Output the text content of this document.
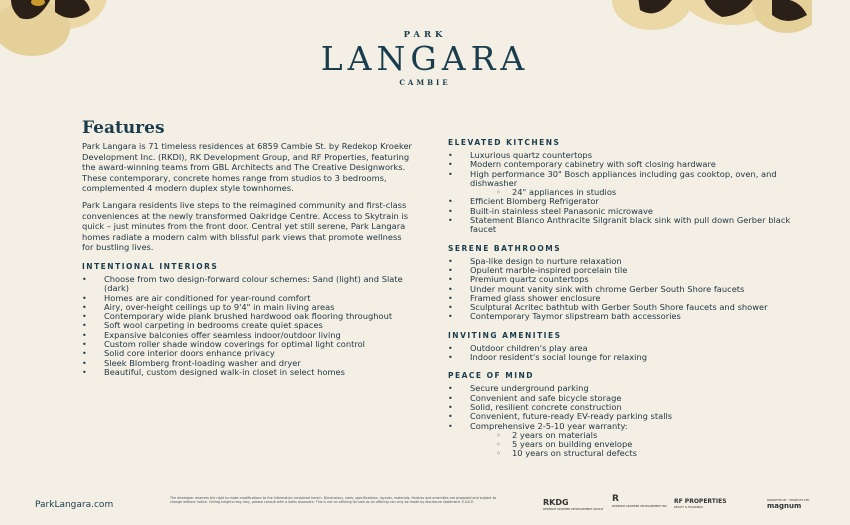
PARK
LANGARA
CAMBIE
Features

Park Langara is 71 timeless residences at 6859 Cambie St. by Redekop Kroeker Development Inc. (RKDI), RK Development Group, and RF Properties, featuring the award-winning teams from GBL Architects and The Creative Designworks. These contemporary, concrete homes range from studios to 3 bedrooms, complemented 4 modern duplex style townhomes.

Park Langara residents live steps to the reimagined community and first-class conveniences at the newly transformed Oakridge Centre. Access to Skytrain is quick – just minutes from the front door. Central yet still serene, Park Langara homes radiate a modern calm with blissful park views that promote wellness for bustling lives.

INTENTIONAL INTERIORS
• Choose from two design-forward colour schemes: Sand (light) and Slate (dark)
• Homes are air conditioned for year-round comfort
• Airy, over-height ceilings up to 9'4" in main living areas
• Contemporary wide plank brushed hardwood oak flooring throughout
• Soft wool carpeting in bedrooms create quiet spaces
• Expansive balconies offer seamless indoor/outdoor living
• Custom roller shade window coverings for optimal light control
• Solid core interior doors enhance privacy
• Sleek Blomberg front-loading washer and dryer
• Beautiful, custom designed walk-in closet in select homes
ELEVATED KITCHENS
• Luxurious quartz countertops
• Modern contemporary cabinetry with soft closing hardware
• High performance 30" Bosch appliances including gas cooktop, oven, and dishwasher
◦ 24" appliances in studios
• Efficient Blomberg Refrigerator
• Built-in stainless steel Panasonic microwave
• Statement Blanco Anthracite Silgranit black sink with pull down Gerber black faucet
SERENE BATHROOMS
• Spa-like design to nurture relaxation
• Opulent marble-inspired porcelain tile
• Premium quartz countertops
• Under mount vanity sink with chrome Gerber South Shore faucets
• Framed glass shower enclosure
• Sculptural Acritec bathtub with Gerber South Shore faucets and shower
• Contemporary Taymor slipstream bath accessories
INVITING AMENITIES
• Outdoor children's play area
• Indoor resident's social lounge for relaxing
PEACE OF MIND
• Secure underground parking
• Convenient and safe bicycle storage
• Solid, resilient concrete construction
• Convenient, future-ready EV-ready parking stalls
• Comprehensive 2-5-10 year warranty:
◦ 2 years on materials
◦ 5 years on building envelope
◦ 10 years on structural defects
ParkLangara.com
The developer reserves the right to make modifications to the information contained herein. Dimensions, sizes, specifications, layouts, materials, finishes and amenities are proposed and subject to change without notice. Ceiling heights may vary, please consult with a Sales Associate. This is not an offering for sale as an offering can only be made by disclosure statement. E.&O.E.	RKDG
REDEKOP KROEKER DEVELOPMENT GROUP
R
REDEKOP KROEKER DEVELOPMENT INC
RF PROPERTIES
REALTY & HOLDINGS
MARKETED BY · PROJECTS LTD
magnum
